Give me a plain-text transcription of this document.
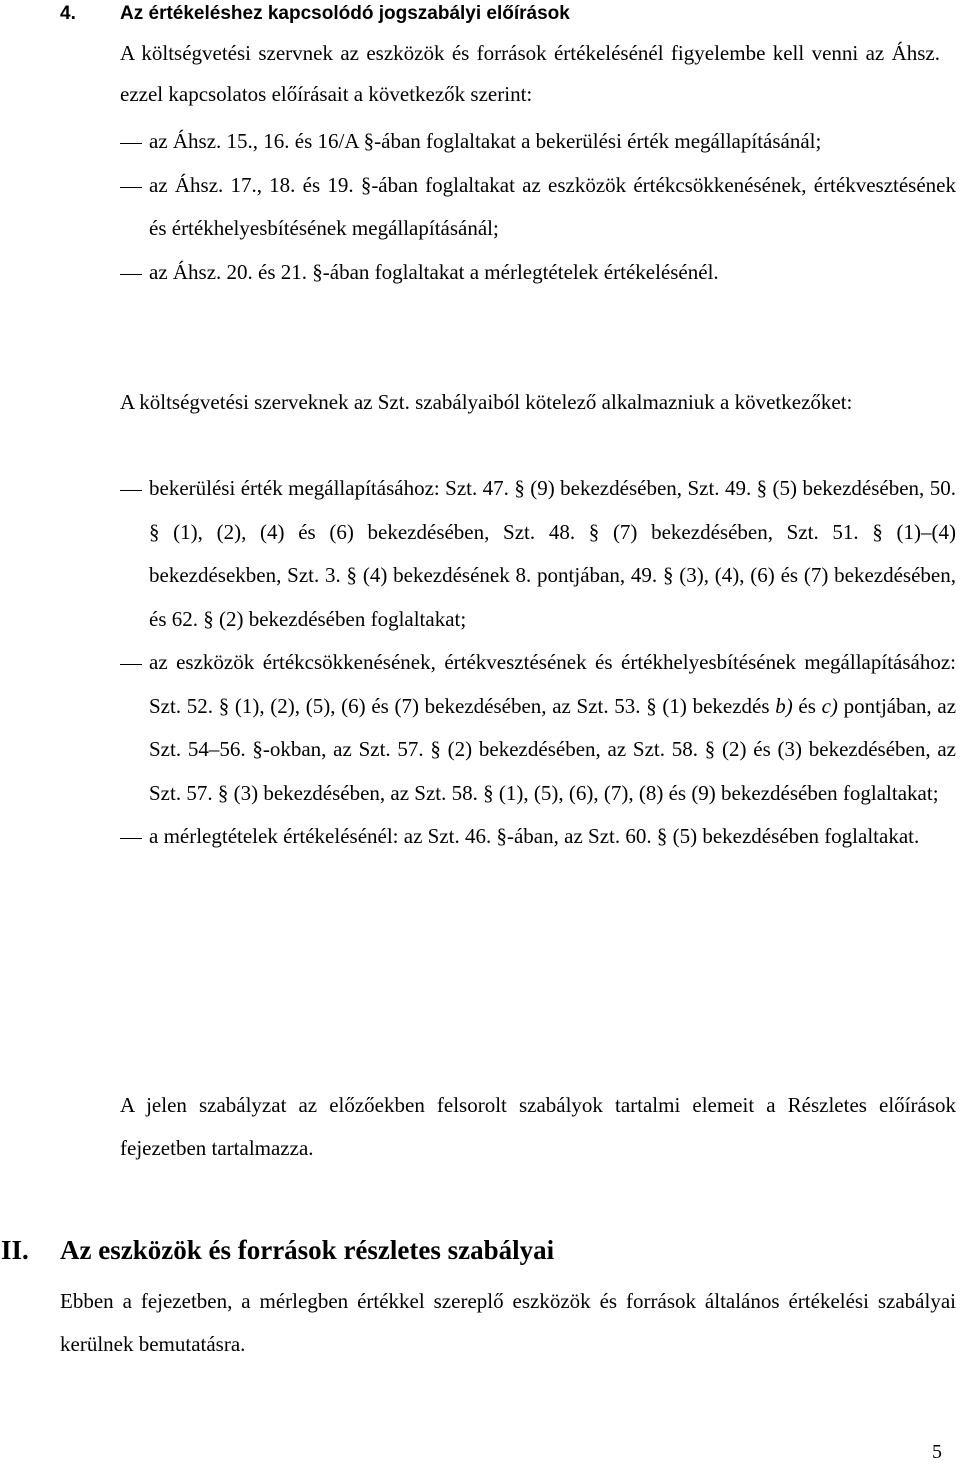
4. Az értékeléshez kapcsolódó jogszabályi előírások
A költségvetési szervnek az eszközök és források értékelésénél figyelembe kell venni az Áhsz. ezzel kapcsolatos előírásait a következők szerint:
az Áhsz. 15., 16. és 16/A §-ában foglaltakat a bekerülési érték megállapításánál;
az Áhsz. 17., 18. és 19. §-ában foglaltakat az eszközök értékcsökkenésének, értékvesztésének és értékhelyesbítésének megállapításánál;
az Áhsz. 20. és 21. §-ában foglaltakat a mérlegtételek értékelésénél.
A költségvetési szerveknek az Szt. szabályaiból kötelező alkalmazniuk a következőket:
bekerülési érték megállapításához: Szt. 47. § (9) bekezdésében, Szt. 49. § (5) bekezdésében, 50. § (1), (2), (4) és (6) bekezdésében, Szt. 48. § (7) bekezdésében, Szt. 51. § (1)–(4) bekezdésekben, Szt. 3. § (4) bekezdésének 8. pontjában, 49. § (3), (4), (6) és (7) bekezdésében, és 62. § (2) bekezdésében foglaltakat;
az eszközök értékcsökkenésének, értékvesztésének és értékhelyesbítésének megállapításához: Szt. 52. § (1), (2), (5), (6) és (7) bekezdésében, az Szt. 53. § (1) bekezdés b) és c) pontjában, az Szt. 54–56. §-okban, az Szt. 57. § (2) bekezdésében, az Szt. 58. § (2) és (3) bekezdésében, az Szt. 57. § (3) bekezdésében, az Szt. 58. § (1), (5), (6), (7), (8) és (9) bekezdésében foglaltakat;
a mérlegtételek értékelésénél: az Szt. 46. §-ában, az Szt. 60. § (5) bekezdésében foglaltakat.
A jelen szabályzat az előzőekben felsorolt szabályok tartalmi elemeit a Részletes előírások fejezetben tartalmazza.
II. Az eszközök és források részletes szabályai
Ebben a fejezetben, a mérlegben értékkel szereplő eszközök és források általános értékelési szabályai kerülnek bemutatásra.
5
